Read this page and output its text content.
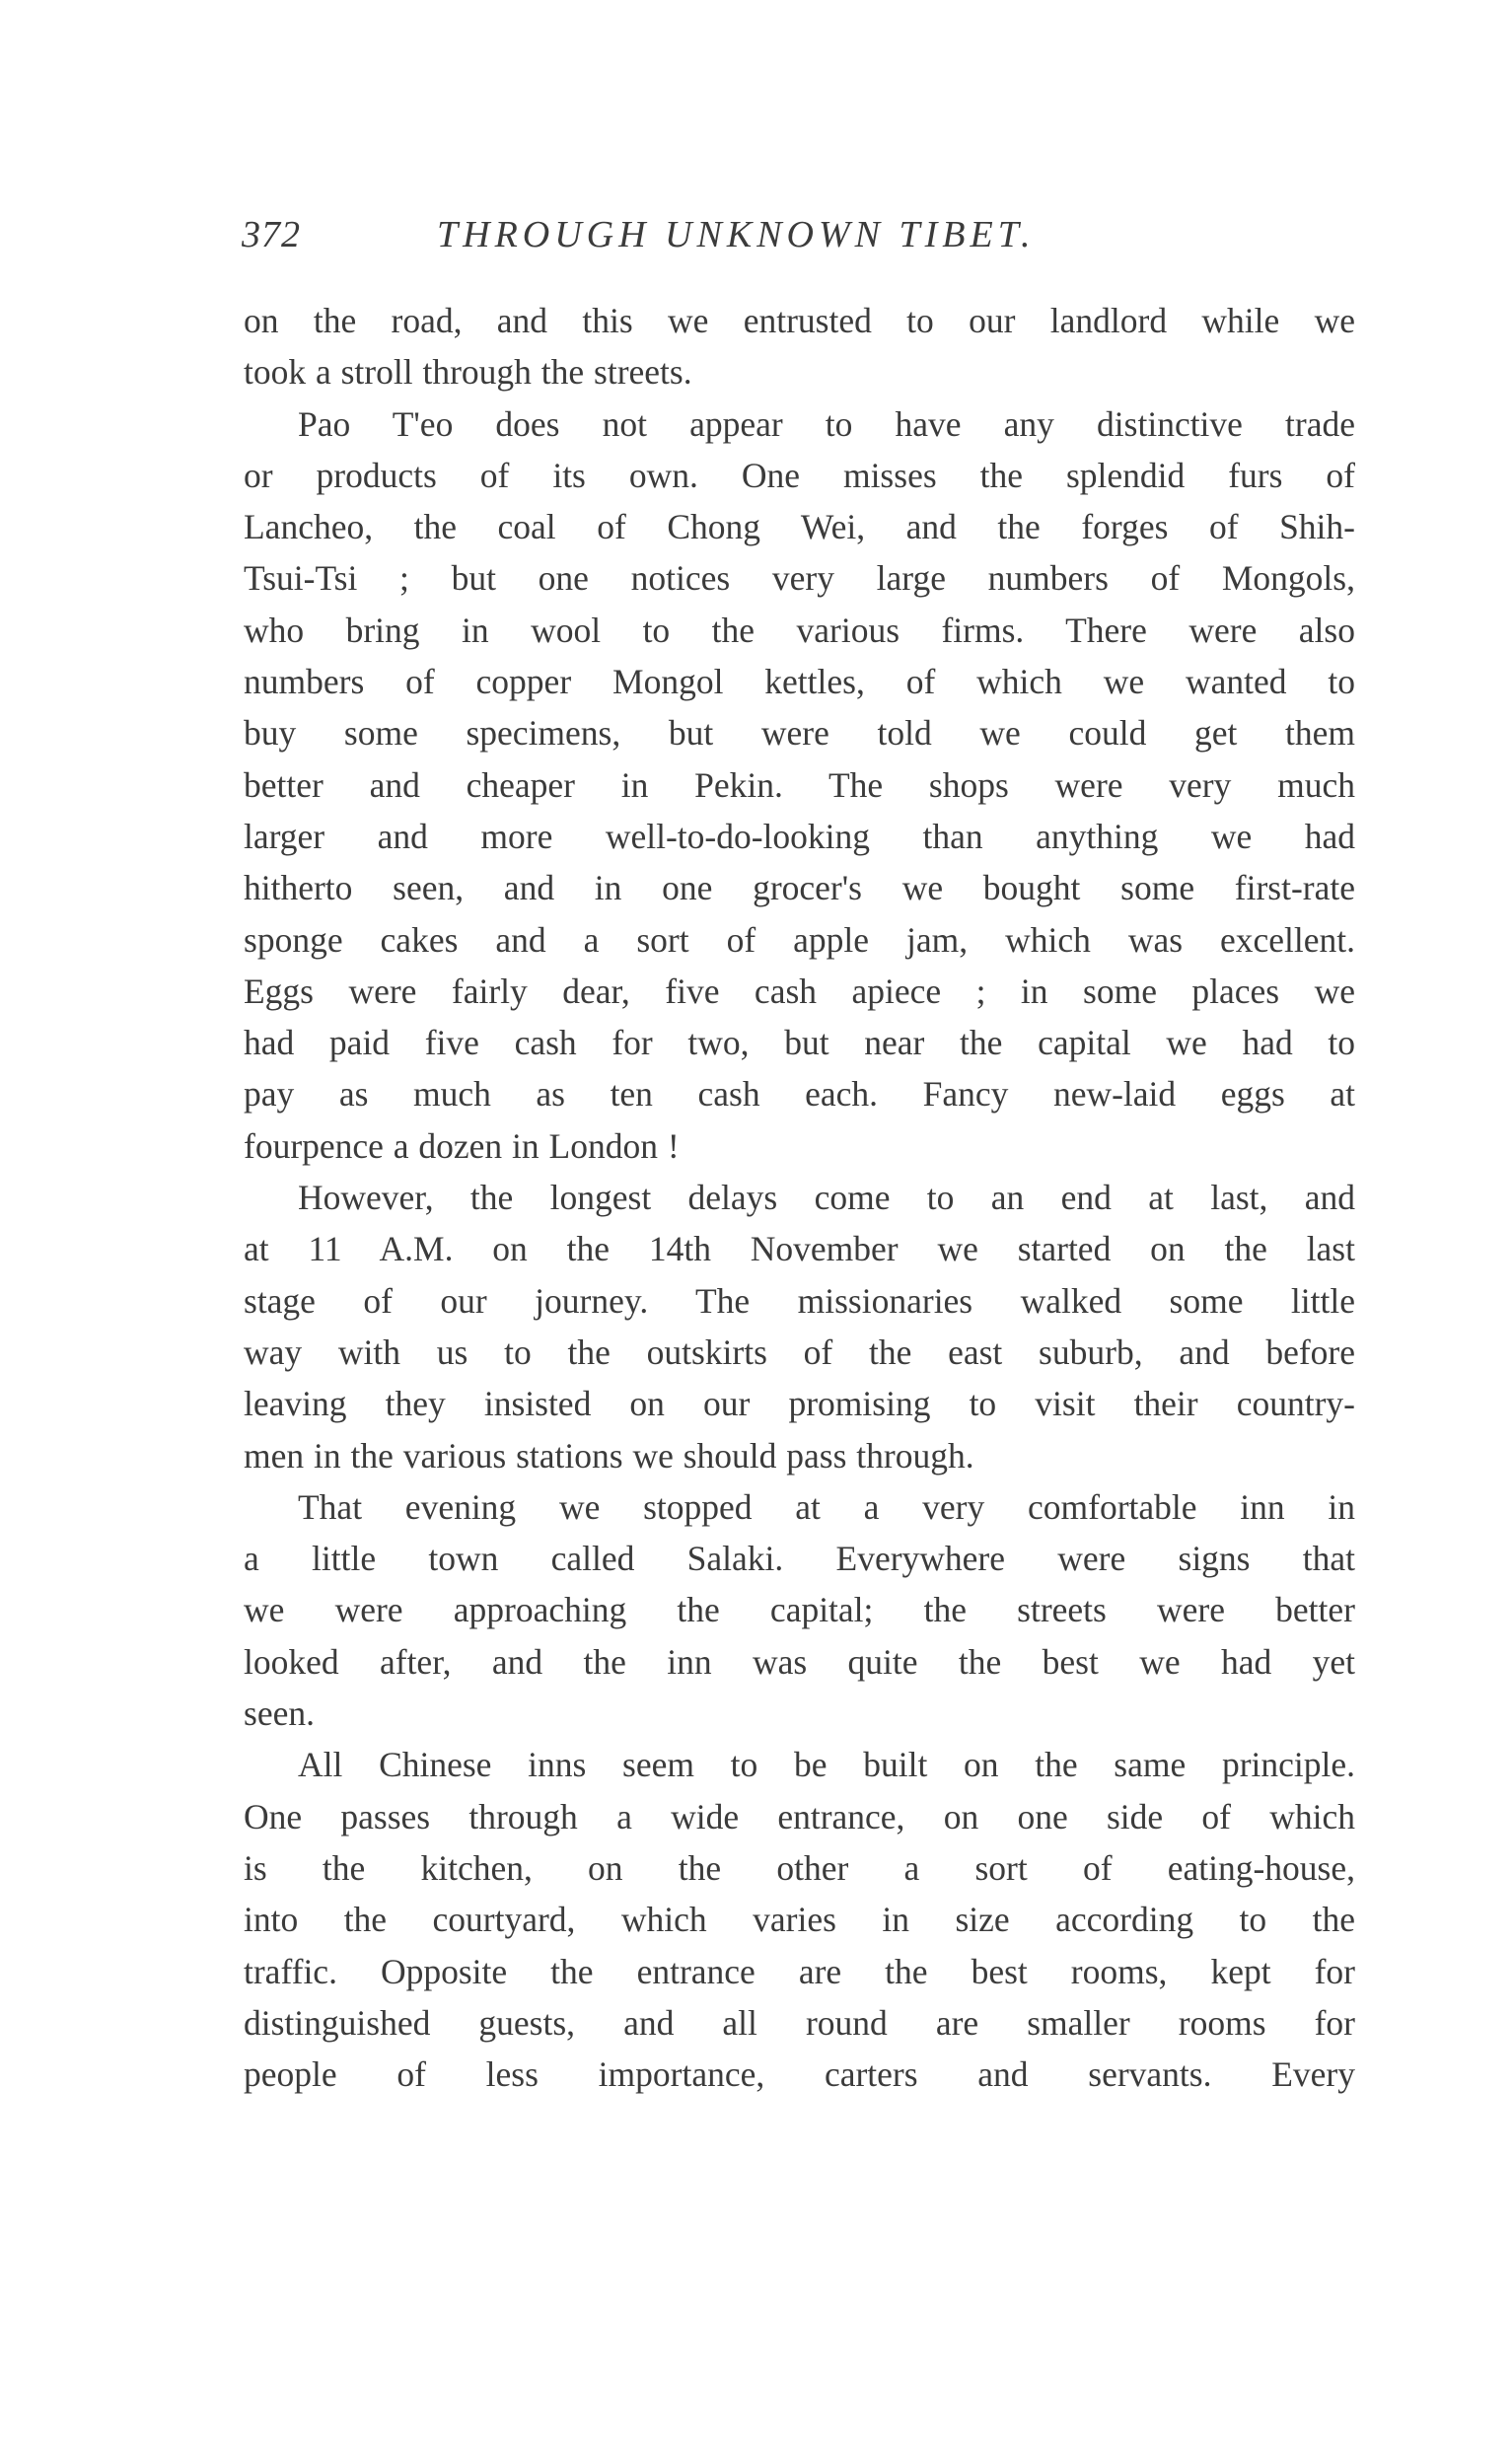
372	THROUGH UNKNOWN TIBET.
on the road, and this we entrusted to our landlord while we
took a stroll through the streets.
Pao T'eo does not appear to have any distinctive trade
or products of its own. One misses the splendid furs of
Lancheo, the coal of Chong Wei, and the forges of Shih-
Tsui-Tsi ; but one notices very large numbers of Mongols,
who bring in wool to the various firms. There were also
numbers of copper Mongol kettles, of which we wanted to
buy some specimens, but were told we could get them
better and cheaper in Pekin. The shops were very much
larger and more well-to-do-looking than anything we had
hitherto seen, and in one grocer's we bought some first-rate
sponge cakes and a sort of apple jam, which was excellent.
Eggs were fairly dear, five cash apiece ; in some places we
had paid five cash for two, but near the capital we had to
pay as much as ten cash each. Fancy new-laid eggs at
fourpence a dozen in London !
However, the longest delays come to an end at last, and
at 11 A.M. on the 14th November we started on the last
stage of our journey. The missionaries walked some little
way with us to the outskirts of the east suburb, and before
leaving they insisted on our promising to visit their country-
men in the various stations we should pass through.
That evening we stopped at a very comfortable inn in
a little town called Salaki. Everywhere were signs that
we were approaching the capital; the streets were better
looked after, and the inn was quite the best we had yet
seen.
All Chinese inns seem to be built on the same principle.
One passes through a wide entrance, on one side of which
is the kitchen, on the other a sort of eating-house,
into the courtyard, which varies in size according to the
traffic. Opposite the entrance are the best rooms, kept for
distinguished guests, and all round are smaller rooms for
people of less importance, carters and servants. Every
